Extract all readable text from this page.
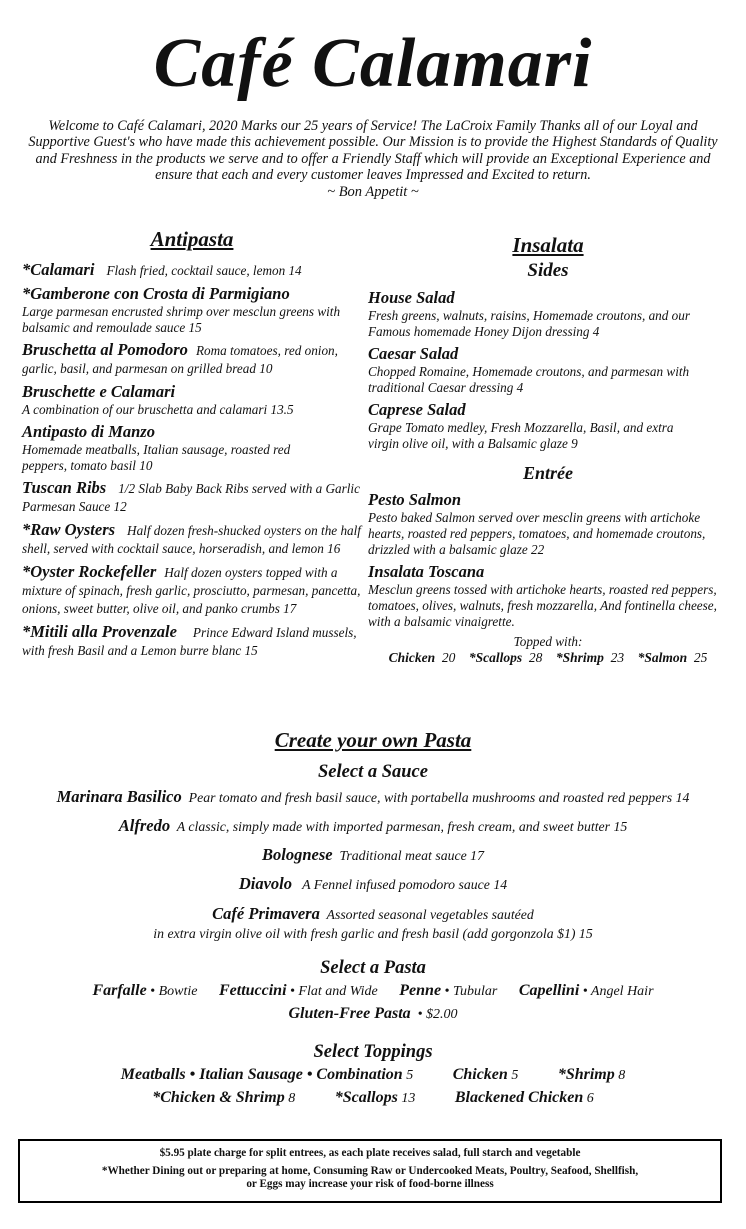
Café Calamari
Welcome to Café Calamari, 2020 Marks our 25 years of Service! The LaCroix Family Thanks all of our Loyal and Supportive Guest's who have made this achievement possible. Our Mission is to provide the Highest Standards of Quality and Freshness in the products we serve and to offer a Friendly Staff which will provide an Exceptional Experience and ensure that each and every customer leaves Impressed and Excited to return.
~ Bon Appetit ~
Antipasta
*Calamari Flash fried, cocktail sauce, lemon 14
*Gamberone con Crosta di Parmigiano
Large parmesan encrusted shrimp over mesclun greens with balsamic and remoulade sauce 15
Bruschetta al Pomodoro Roma tomatoes, red onion, garlic, basil, and parmesan on grilled bread 10
Bruschette e Calamari
A combination of our bruschetta and calamari 13.5
Antipasto di Manzo
Homemade meatballs, Italian sausage, roasted red peppers, tomato basil 10
Tuscan Ribs 1/2 Slab Baby Back Ribs served with a Garlic Parmesan Sauce 12
*Raw Oysters Half dozen fresh-shucked oysters on the half shell, served with cocktail sauce, horseradish, and lemon 16
*Oyster Rockefeller Half dozen oysters topped with a mixture of spinach, fresh garlic, prosciutto, parmesan, pancetta, onions, sweet butter, olive oil, and panko crumbs 17
*Mitili alla Provenzale Prince Edward Island mussels, with fresh Basil and a Lemon burre blanc 15
Insalata
Sides
House Salad
Fresh greens, walnuts, raisins, Homemade croutons, and our Famous homemade Honey Dijon dressing 4
Caesar Salad
Chopped Romaine, Homemade croutons, and parmesan with traditional Caesar dressing 4
Caprese Salad
Grape Tomato medley, Fresh Mozzarella, Basil, and extra virgin olive oil, with a Balsamic glaze 9
Entrée
Pesto Salmon
Pesto baked Salmon served over mesclin greens with artichoke hearts, roasted red peppers, tomatoes, and homemade croutons, drizzled with a balsamic glaze 22
Insalata Toscana
Mesclun greens tossed with artichoke hearts, roasted red peppers, tomatoes, olives, walnuts, fresh mozzarella, And fontinella cheese, with a balsamic vinaigrette.
Topped with:
Chicken 20 *Scallops 28 *Shrimp 23 *Salmon 25
Create your own Pasta
Select a Sauce
Marinara Basilico Pear tomato and fresh basil sauce, with portabella mushrooms and roasted red peppers 14
Alfredo A classic, simply made with imported parmesan, fresh cream, and sweet butter 15
Bolognese Traditional meat sauce 17
Diavolo A Fennel infused pomodoro sauce 14
Café Primavera Assorted seasonal vegetables sautéed
in extra virgin olive oil with fresh garlic and fresh basil (add gorgonzola $1) 15
Select a Pasta
Farfalle • Bowtie Fettuccini • Flat and Wide Penne • Tubular Capellini • Angel Hair
Gluten-Free Pasta • $2.00
Select Toppings
Meatballs • Italian Sausage • Combination 5 Chicken 5 *Shrimp 8
*Chicken & Shrimp 8 *Scallops 13 Blackened Chicken 6

$5.95 plate charge for split entrees, as each plate receives salad, full starch and vegetable

*Whether Dining out or preparing at home, Consuming Raw or Undercooked Meats, Poultry, Seafood, Shellfish,
or Eggs may increase your risk of food-borne illness
